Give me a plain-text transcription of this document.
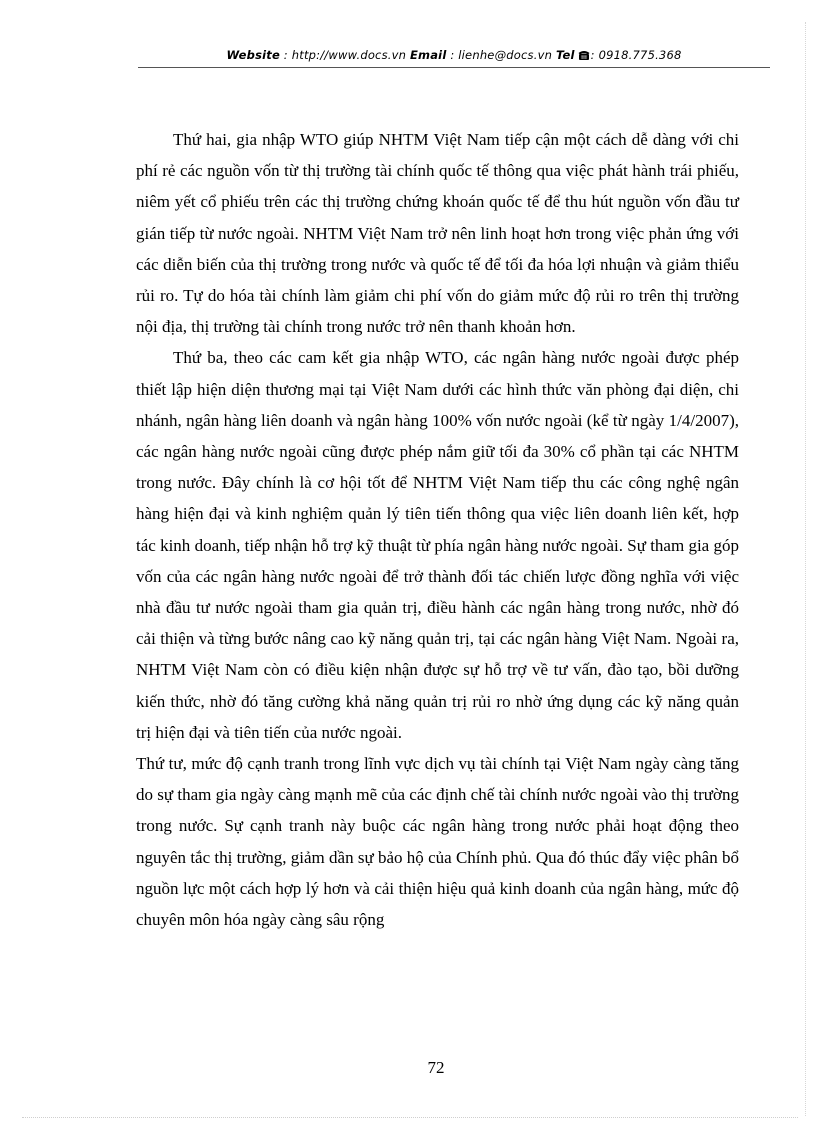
Website : http://www.docs.vn Email : lienhe@docs.vn Tel : 0918.775.368

Thứ hai, gia nhập WTO giúp NHTM Việt Nam tiếp cận một cách dễ dàng với chi phí rẻ các nguồn vốn từ thị trường tài chính quốc tế thông qua việc phát hành trái phiếu, niêm yết cổ phiếu trên các thị trường chứng khoán quốc tế để thu hút nguồn vốn đầu tư gián tiếp từ nước ngoài. NHTM Việt Nam trở nên linh hoạt hơn trong việc phản ứng với các diễn biến của thị trường trong nước và quốc tế để tối đa hóa lợi nhuận và giảm thiểu rủi ro. Tự do hóa tài chính làm giảm chi phí vốn do giảm mức độ rủi ro trên thị trường nội địa, thị trường tài chính trong nước trở nên thanh khoản hơn.

Thứ ba, theo các cam kết gia nhập WTO, các ngân hàng nước ngoài được phép thiết lập hiện diện thương mại tại Việt Nam dưới các hình thức văn phòng đại diện, chi nhánh, ngân hàng liên doanh và ngân hàng 100% vốn nước ngoài (kể từ ngày 1/4/2007), các ngân hàng nước ngoài cũng được phép nắm giữ tối đa 30% cổ phần tại các NHTM trong nước. Đây chính là cơ hội tốt để NHTM Việt Nam tiếp thu các công nghệ ngân hàng hiện đại và kinh nghiệm quản lý tiên tiến thông qua việc liên doanh liên kết, hợp tác kinh doanh, tiếp nhận hỗ trợ kỹ thuật từ phía ngân hàng nước ngoài. Sự tham gia góp vốn của các ngân hàng nước ngoài để trở thành đối tác chiến lược đồng nghĩa với việc nhà đầu tư nước ngoài tham gia quản trị, điều hành các ngân hàng trong nước, nhờ đó cải thiện và từng bước nâng cao kỹ năng quản trị, tại các ngân hàng Việt Nam. Ngoài ra, NHTM Việt Nam còn có điều kiện nhận được sự hỗ trợ về tư vấn, đào tạo, bồi dưỡng kiến thức, nhờ đó tăng cường khả năng quản trị rủi ro nhờ ứng dụng các kỹ năng quản trị hiện đại và tiên tiến của nước ngoài.

Thứ tư, mức độ cạnh tranh trong lĩnh vực dịch vụ tài chính tại Việt Nam ngày càng tăng do sự tham gia ngày càng mạnh mẽ của các định chế tài chính nước ngoài vào thị trường trong nước. Sự cạnh tranh này buộc các ngân hàng trong nước phải hoạt động theo nguyên tắc thị trường, giảm dần sự bảo hộ của Chính phủ. Qua đó thúc đẩy việc phân bổ nguồn lực một cách hợp lý hơn và cải thiện hiệu quả kinh doanh của ngân hàng, mức độ chuyên môn hóa ngày càng sâu rộng

72
